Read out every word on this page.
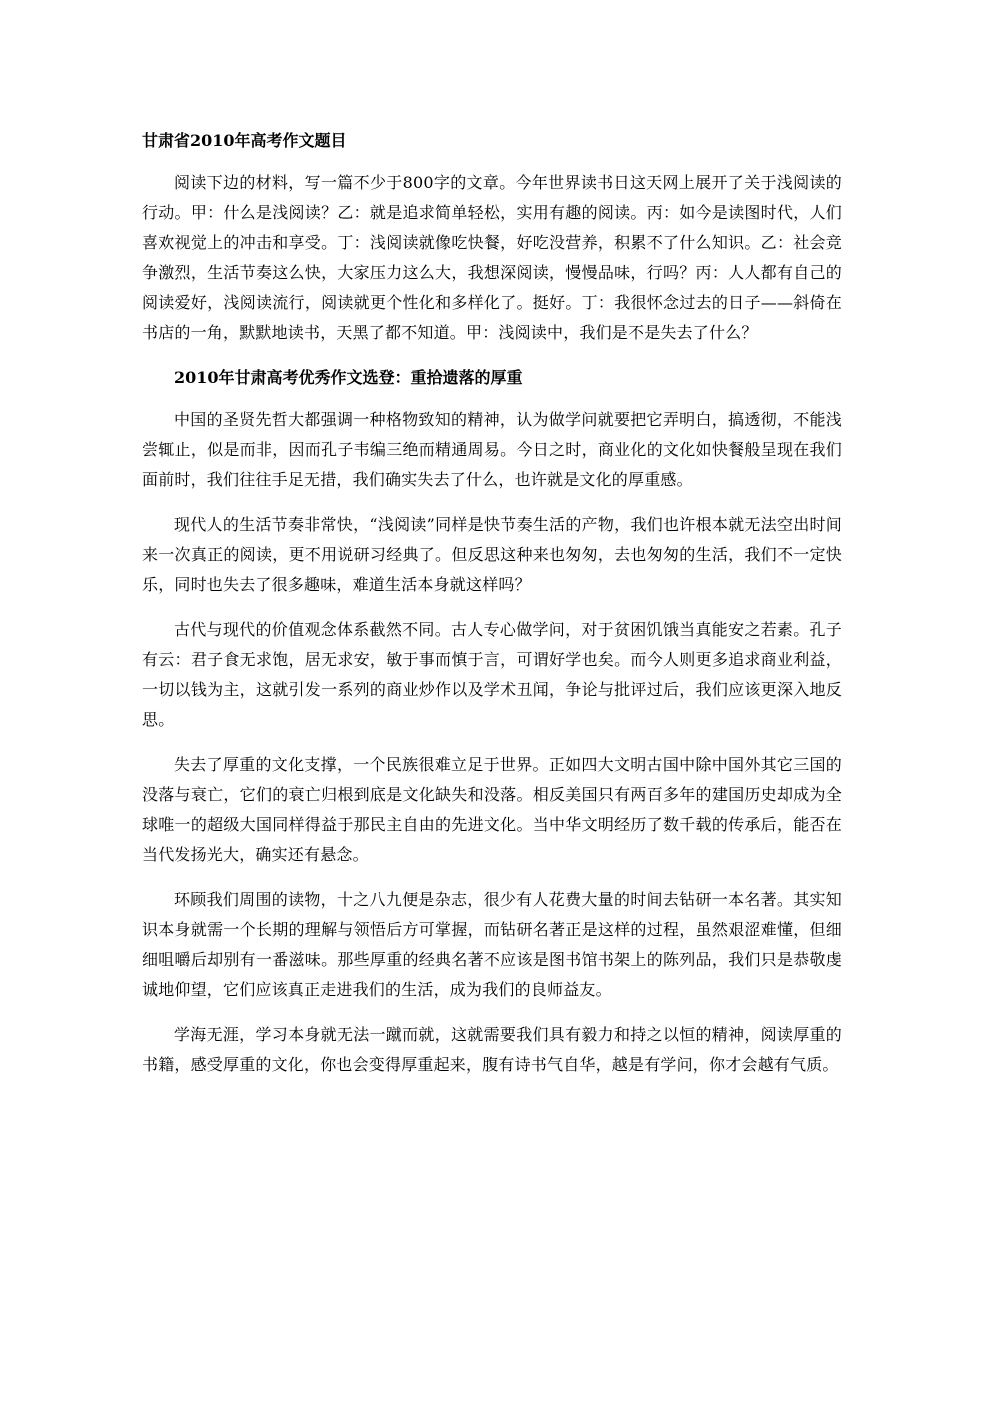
甘肃省2010年高考作文题目

阅读下边的材料，写一篇不少于800字的文章。今年世界读书日这天网上展开了关于浅阅读的行动。甲：什么是浅阅读？乙：就是追求简单轻松，实用有趣的阅读。丙：如今是读图时代，人们喜欢视觉上的冲击和享受。丁：浅阅读就像吃快餐，好吃没营养，积累不了什么知识。乙：社会竞争激烈，生活节奏这么快，大家压力这么大，我想深阅读，慢慢品味，行吗？丙：人人都有自己的阅读爱好，浅阅读流行，阅读就更个性化和多样化了。挺好。丁：我很怀念过去的日子——斜倚在书店的一角，默默地读书，天黑了都不知道。甲：浅阅读中，我们是不是失去了什么？

2010年甘肃高考优秀作文选登：重拾遗落的厚重

中国的圣贤先哲大都强调一种格物致知的精神，认为做学问就要把它弄明白，搞透彻，不能浅尝辄止，似是而非，因而孔子韦编三绝而精通周易。今日之时，商业化的文化如快餐般呈现在我们面前时，我们往往手足无措，我们确实失去了什么，也许就是文化的厚重感。

现代人的生活节奏非常快，“浅阅读”同样是快节奏生活的产物，我们也许根本就无法空出时间来一次真正的阅读，更不用说研习经典了。但反思这种来也匆匆，去也匆匆的生活，我们不一定快乐，同时也失去了很多趣味，难道生活本身就这样吗？

古代与现代的价值观念体系截然不同。古人专心做学问，对于贫困饥饿当真能安之若素。孔子有云：君子食无求饱，居无求安，敏于事而慎于言，可谓好学也矣。而今人则更多追求商业利益，一切以钱为主，这就引发一系列的商业炒作以及学术丑闻，争论与批评过后，我们应该更深入地反思。

失去了厚重的文化支撑，一个民族很难立足于世界。正如四大文明古国中除中国外其它三国的没落与衰亡，它们的衰亡归根到底是文化缺失和没落。相反美国只有两百多年的建国历史却成为全球唯一的超级大国同样得益于那民主自由的先进文化。当中华文明经历了数千载的传承后，能否在当代发扬光大，确实还有悬念。

环顾我们周围的读物，十之八九便是杂志，很少有人花费大量的时间去钻研一本名著。其实知识本身就需一个长期的理解与领悟后方可掌握，而钻研名著正是这样的过程，虽然艰涩难懂，但细细咀嚼后却别有一番滋味。那些厚重的经典名著不应该是图书馆书架上的陈列品，我们只是恭敬虔诚地仰望，它们应该真正走进我们的生活，成为我们的良师益友。

学海无涯，学习本身就无法一蹴而就，这就需要我们具有毅力和持之以恒的精神，阅读厚重的书籍，感受厚重的文化，你也会变得厚重起来，腹有诗书气自华，越是有学问，你才会越有气质。
